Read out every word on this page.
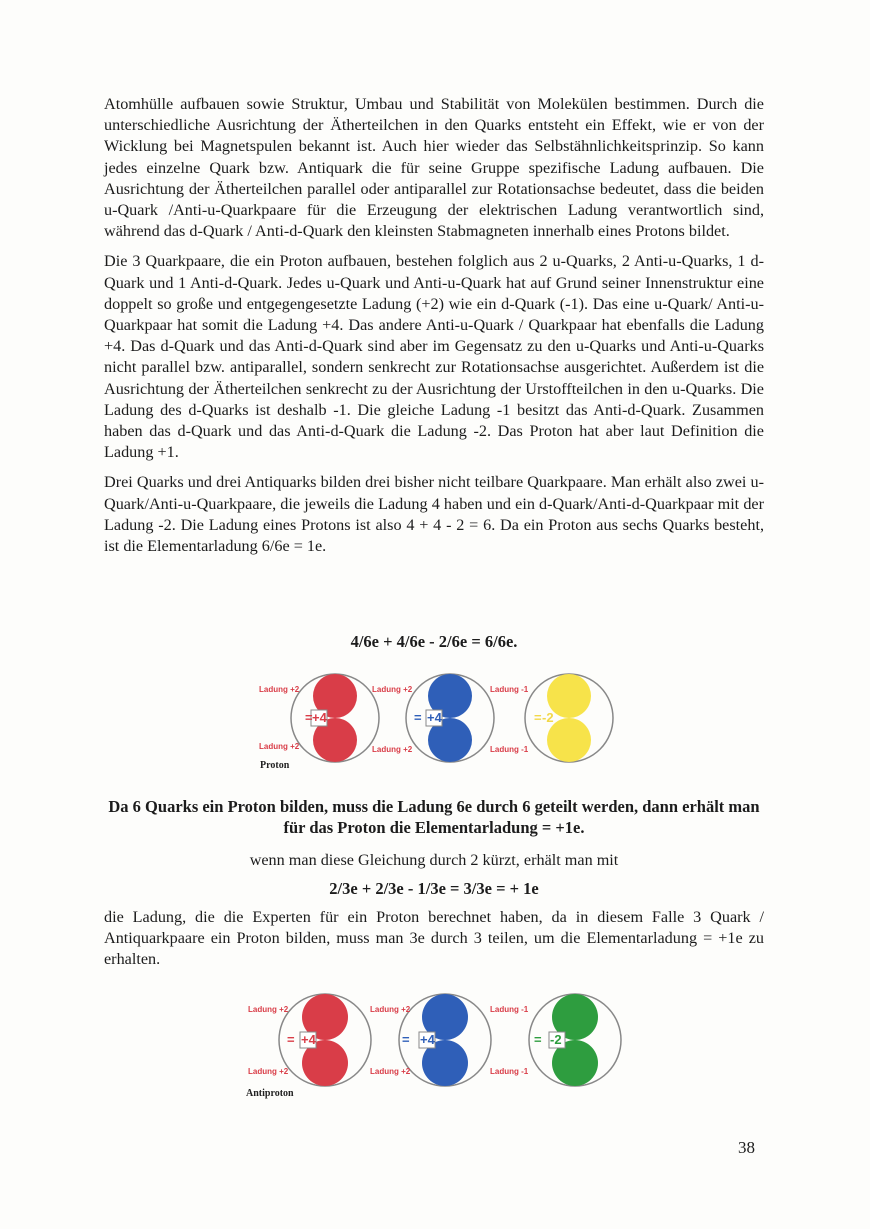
Atomhülle aufbauen sowie Struktur, Umbau und Stabilität von Molekülen bestimmen. Durch die unterschiedliche Ausrichtung der Ätherteilchen in den Quarks entsteht ein Effekt, wie er von der Wicklung bei Magnetspulen bekannt ist. Auch hier wieder das Selbstähnlichkeitsprinzip. So kann jedes einzelne Quark bzw. Antiquark die für seine Gruppe spezifische Ladung aufbauen. Die Ausrichtung der Ätherteilchen parallel oder antiparallel zur Rotationsachse bedeutet, dass die beiden u-Quark /Anti-u-Quarkpaare für die Erzeugung der elektrischen Ladung verantwortlich sind, während das d-Quark / Anti-d-Quark den kleinsten Stabmagneten innerhalb eines Protons bildet.

Die 3 Quarkpaare, die ein Proton aufbauen, bestehen folglich aus 2 u-Quarks, 2 Anti-u-Quarks, 1 d-Quark und 1 Anti-d-Quark. Jedes u-Quark und Anti-u-Quark hat auf Grund seiner Innenstruktur eine doppelt so große und entgegengesetzte Ladung (+2) wie ein d-Quark (-1). Das eine u-Quark/ Anti-u-Quarkpaar hat somit die Ladung +4. Das andere Anti-u-Quark / Quarkpaar hat ebenfalls die Ladung +4. Das d-Quark und das Anti-d-Quark sind aber im Gegensatz zu den u-Quarks und Anti-u-Quarks nicht parallel bzw. antiparallel, sondern senkrecht zur Rotationsachse ausgerichtet. Außerdem ist die Ausrichtung der Ätherteilchen senkrecht zu der Ausrichtung der Urstoffteilchen in den u-Quarks. Die Ladung des d-Quarks ist deshalb -1. Die gleiche Ladung -1 besitzt das Anti-d-Quark. Zusammen haben das d-Quark und das Anti-d-Quark die Ladung -2. Das Proton hat aber laut Definition die Ladung +1.

Drei Quarks und drei Antiquarks bilden drei bisher nicht teilbare Quarkpaare. Man erhält also zwei u-Quark/Anti-u-Quarkpaare, die jeweils die Ladung 4 haben und ein d-Quark/Anti-d-Quarkpaar mit der Ladung -2. Die Ladung eines Protons ist also 4 + 4 - 2 = 6. Da ein Proton aus sechs Quarks besteht, ist die Elementarladung 6/6e = 1e.

4/6e + 4/6e - 2/6e = 6/6e.
= +4
Ladung +2
Ladung +2
= +4
Ladung +2
Ladung +2
= -2
Ladung -1
Ladung -1
Proton
Da 6 Quarks ein Proton bilden, muss die Ladung 6e durch 6 geteilt werden, dann erhält man für das Proton die Elementarladung = +1e.
wenn man diese Gleichung durch 2 kürzt, erhält man mit
2/3e + 2/3e - 1/3e = 3/3e = + 1e

die Ladung, die die Experten für ein Proton berechnet haben, da in diesem Falle 3 Quark / Antiquarkpaare ein Proton bilden, muss man 3e durch 3 teilen, um die Elementarladung = +1e zu erhalten.

= +4
Ladung +2
Ladung +2
= +4
Ladung +2
Ladung +2
= -2
Ladung -1
Ladung -1
Antiproton
38
